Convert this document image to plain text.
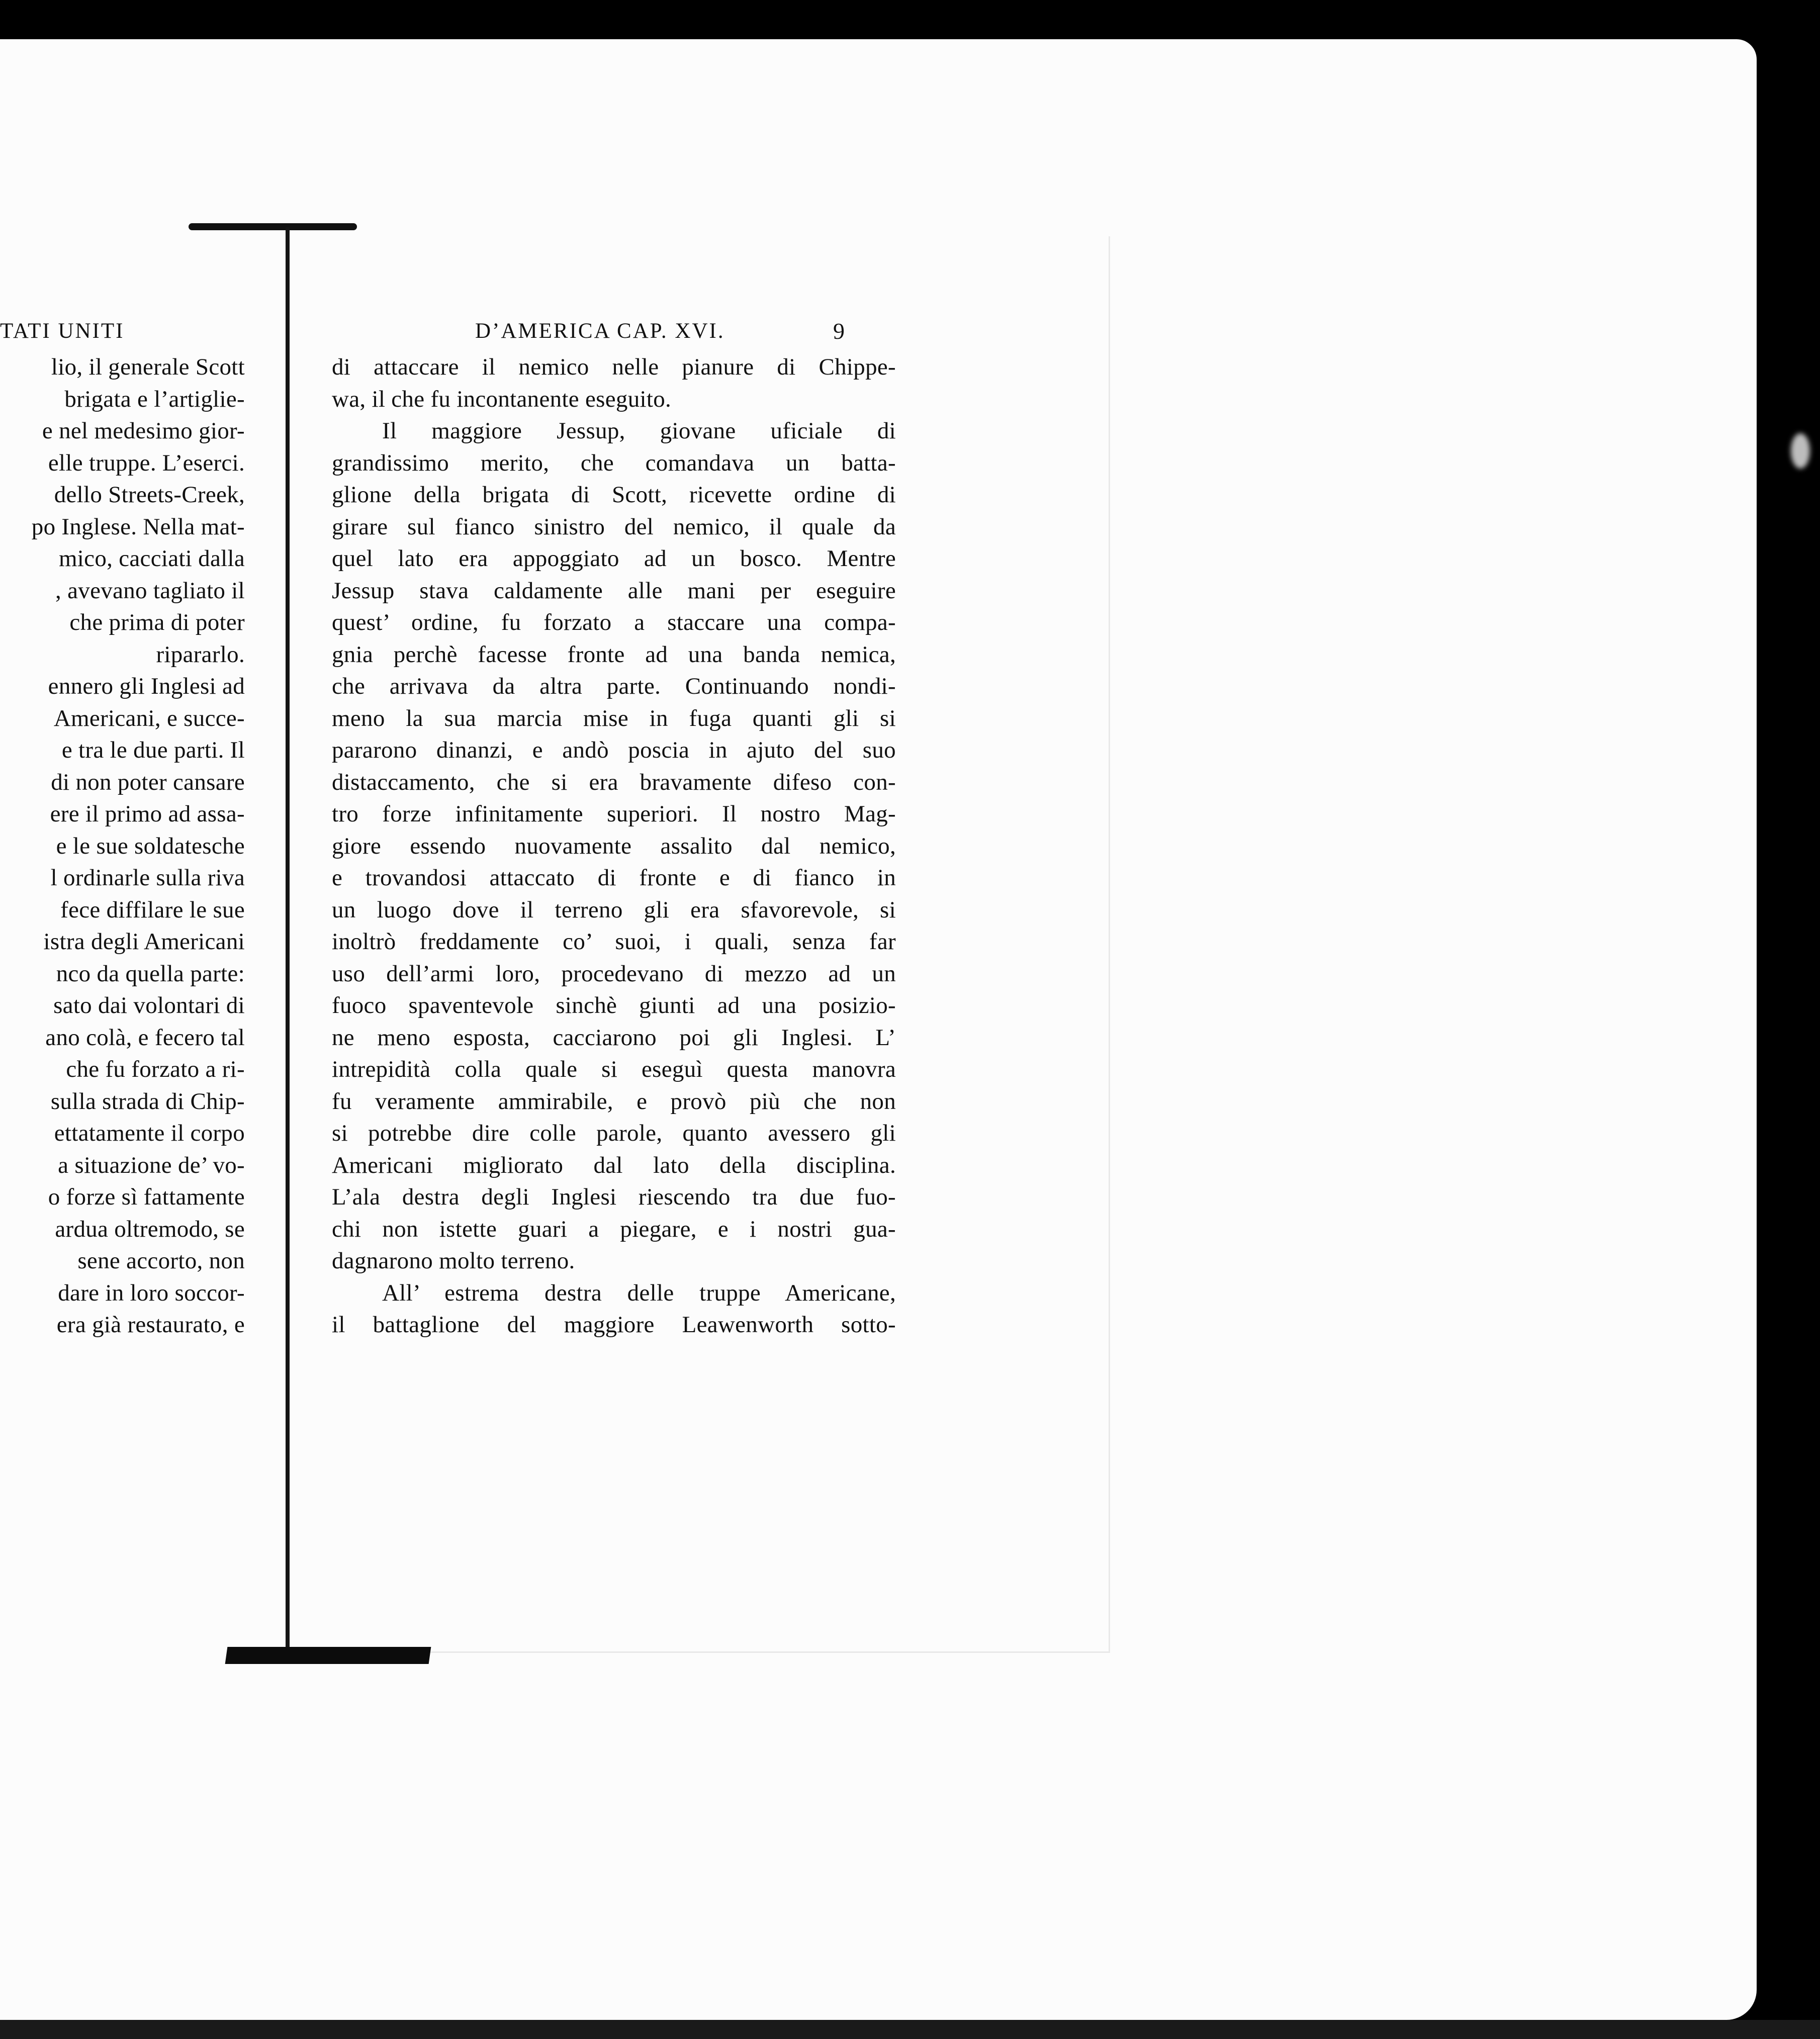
TATI UNITI
lio, il generale Scott
brigata e l’artiglie-
e nel medesimo gior-
elle truppe. L’eserci.
dello Streets-Creek,
po Inglese. Nella mat-
mico, cacciati dalla
, avevano tagliato il
che prima di poter
ripararlo.
ennero gli Inglesi ad
Americani, e succe-
e tra le due parti. Il
di non poter cansare
ere il primo ad assa-
e le sue soldatesche
l ordinarle sulla riva
fece diffilare le sue
istra degli Americani
nco da quella parte:
sato dai volontari di
ano colà, e fecero tal
che fu forzato a ri-
sulla strada di Chip-
ettatamente il corpo
a situazione de’ vo-
o forze sì fattamente
ardua oltremodo, se
sene accorto, non
dare in loro soccor-
era già restaurato, e
D’AMERICA CAP. XVI.	9
di attaccare il nemico nelle pianure di Chippe-
wa, il che fu incontanente eseguito.
Il maggiore Jessup, giovane uficiale di
grandissimo merito, che comandava un batta-
glione della brigata di Scott, ricevette ordine di
girare sul fianco sinistro del nemico, il quale da
quel lato era appoggiato ad un bosco. Mentre
Jessup stava caldamente alle mani per eseguire
quest’ ordine, fu forzato a staccare una compa-
gnia perchè facesse fronte ad una banda nemica,
che arrivava da altra parte. Continuando nondi-
meno la sua marcia mise in fuga quanti gli si
pararono dinanzi, e andò poscia in ajuto del suo
distaccamento, che si era bravamente difeso con-
tro forze infinitamente superiori. Il nostro Mag-
giore essendo nuovamente assalito dal nemico,
e trovandosi attaccato di fronte e di fianco in
un luogo dove il terreno gli era sfavorevole, si
inoltrò freddamente co’ suoi, i quali, senza far
uso dell’armi loro, procedevano di mezzo ad un
fuoco spaventevole sinchè giunti ad una posizio-
ne meno esposta, cacciarono poi gli Inglesi. L’
intrepidità colla quale si eseguì questa manovra
fu veramente ammirabile, e provò più che non
si potrebbe dire colle parole, quanto avessero gli
Americani migliorato dal lato della disciplina.
L’ala destra degli Inglesi riescendo tra due fuo-
chi non istette guari a piegare, e i nostri gua-
dagnarono molto terreno.
All’ estrema destra delle truppe Americane,
il battaglione del maggiore Leawenworth sotto-
